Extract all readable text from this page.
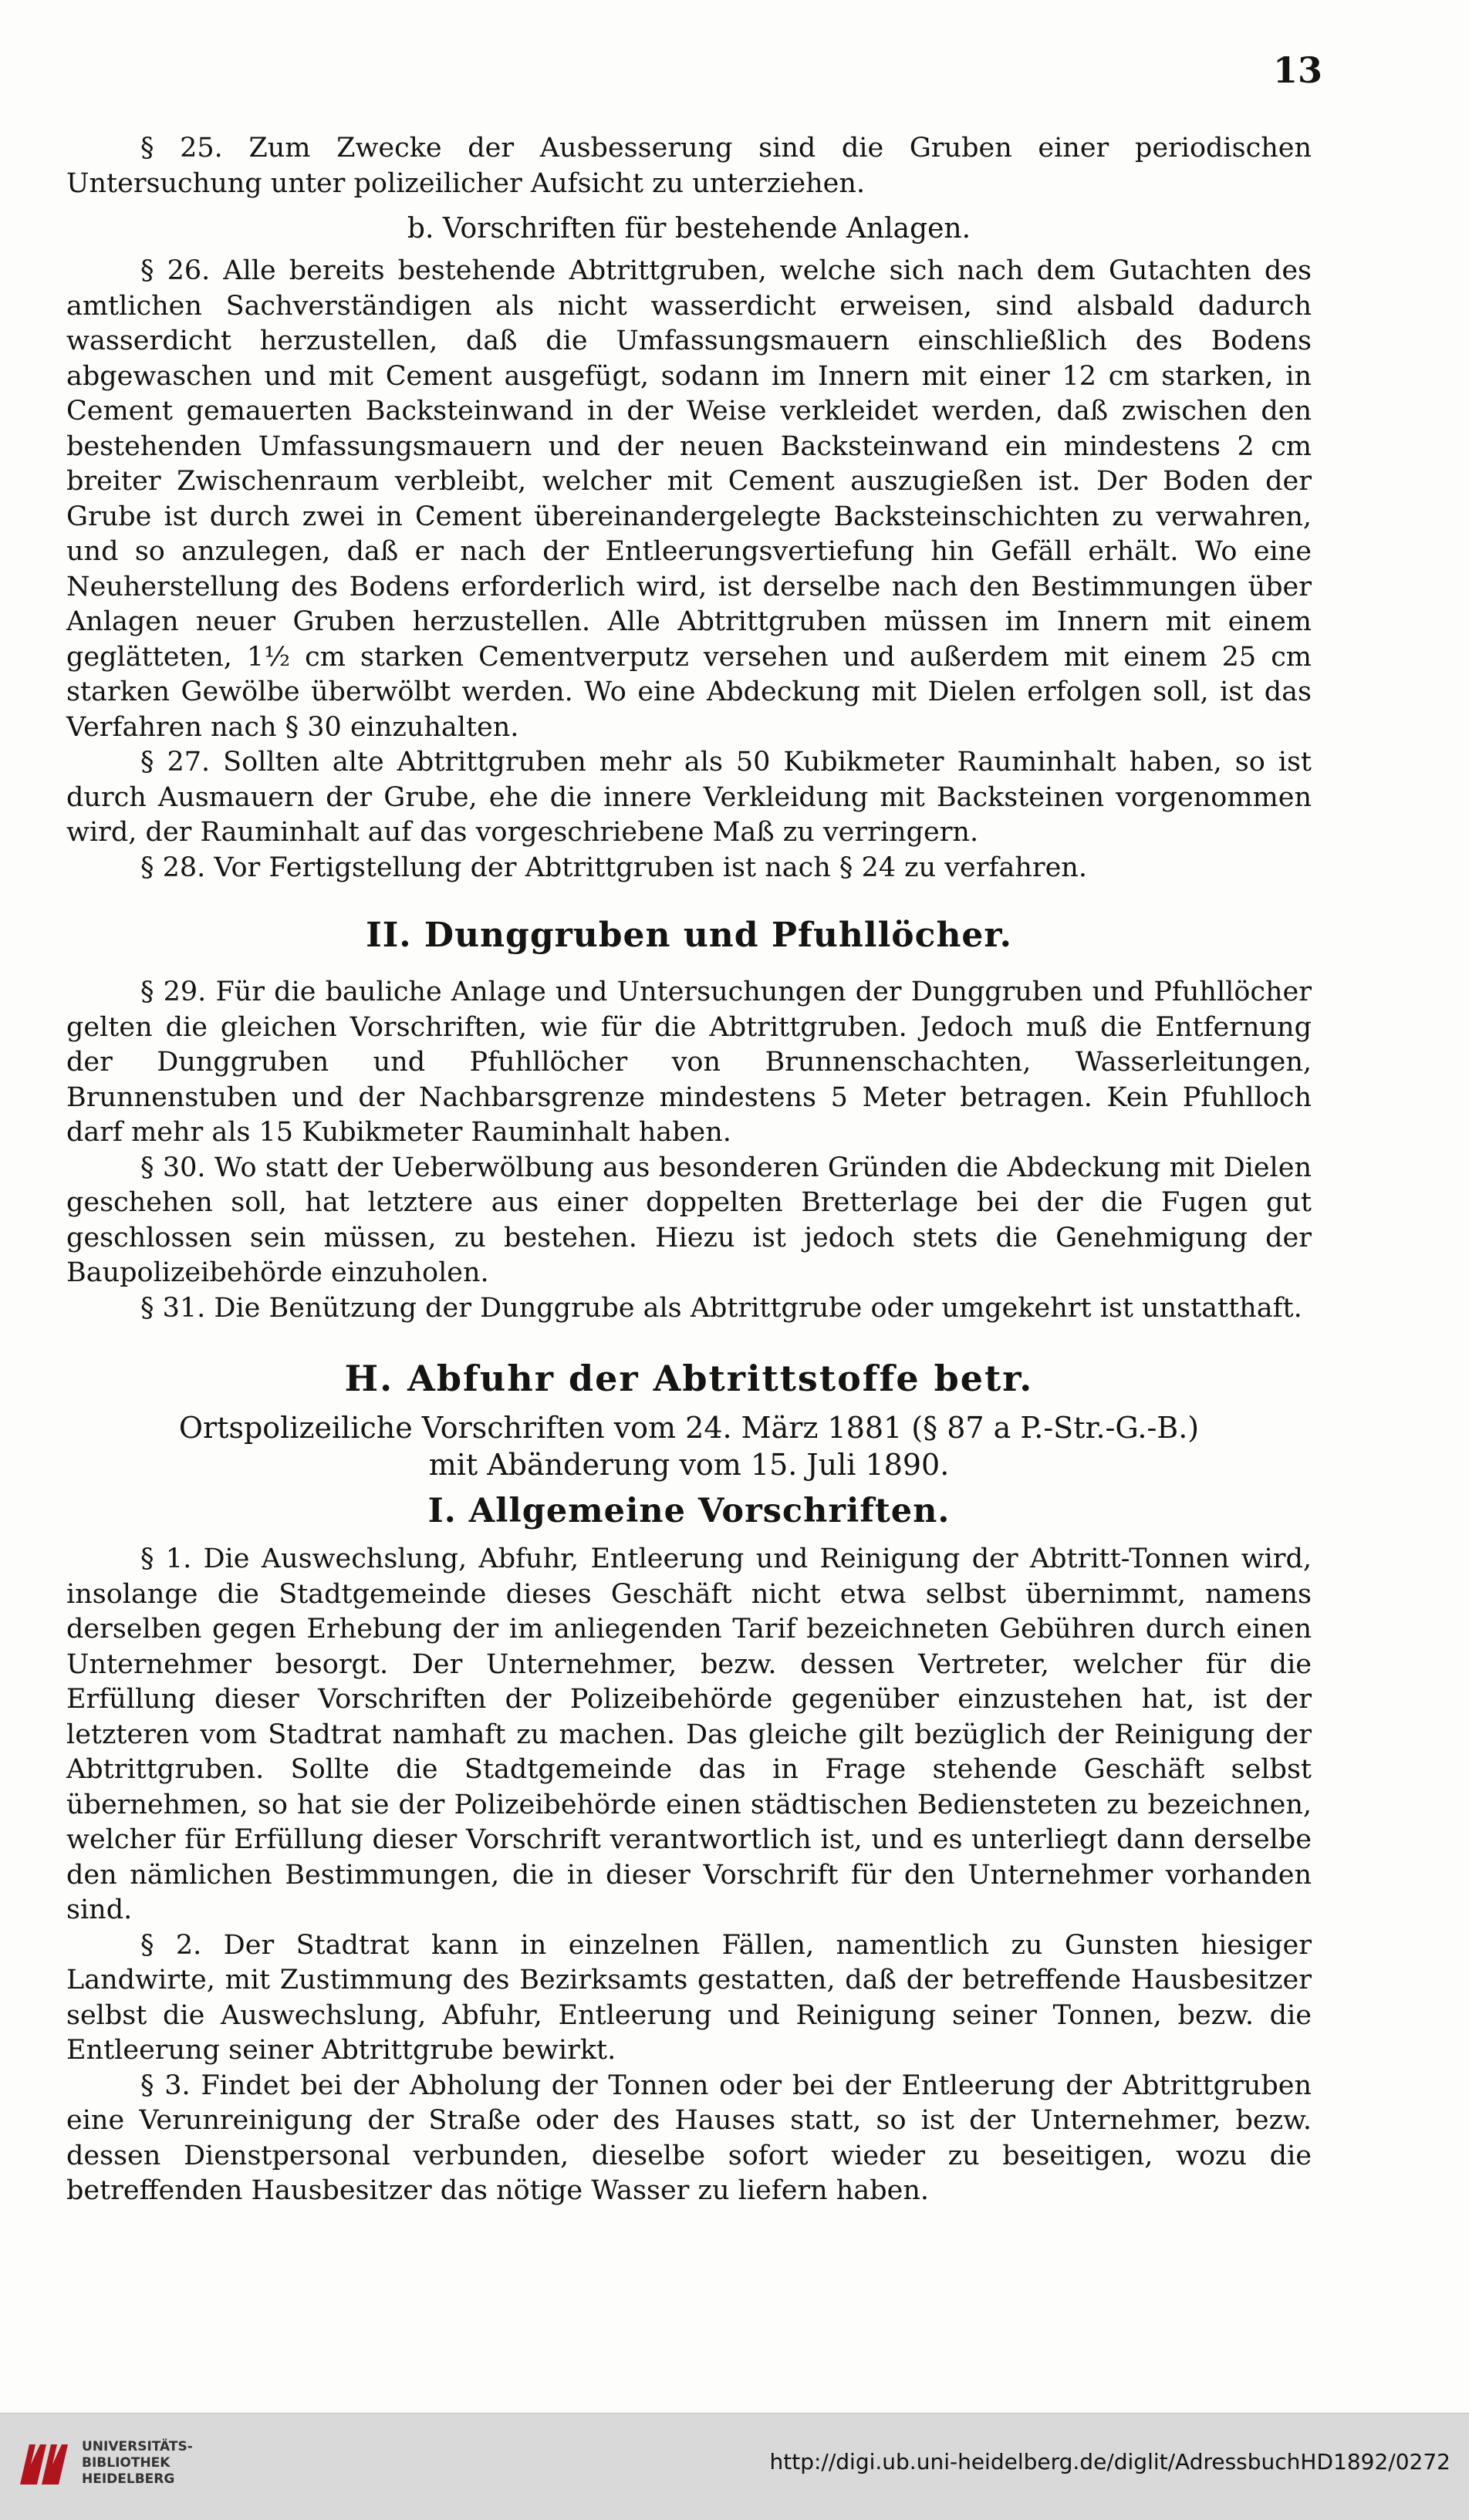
13

§ 25. Zum Zwecke der Ausbesserung sind die Gruben einer periodischen Untersuchung unter polizeilicher Aufsicht zu unterziehen.

b. Vorschriften für bestehende Anlagen.

§ 26. Alle bereits bestehende Abtrittgruben, welche sich nach dem Gutachten des amtlichen Sachverständigen als nicht wasserdicht erweisen, sind alsbald dadurch wasserdicht herzustellen, daß die Umfassungsmauern einschließlich des Bodens abgewaschen und mit Cement ausgefügt, sodann im Innern mit einer 12 cm starken, in Cement gemauerten Backsteinwand in der Weise verkleidet werden, daß zwischen den bestehenden Umfassungsmauern und der neuen Backsteinwand ein mindestens 2 cm breiter Zwischenraum verbleibt, welcher mit Cement auszugießen ist. Der Boden der Grube ist durch zwei in Cement übereinandergelegte Backsteinschichten zu verwahren, und so anzulegen, daß er nach der Entleerungsvertiefung hin Gefäll erhält. Wo eine Neuherstellung des Bodens erforderlich wird, ist derselbe nach den Bestimmungen über Anlagen neuer Gruben herzustellen. Alle Abtrittgruben müssen im Innern mit einem geglätteten, 1½ cm starken Cementverputz versehen und außerdem mit einem 25 cm starken Gewölbe überwölbt werden. Wo eine Abdeckung mit Dielen erfolgen soll, ist das Verfahren nach § 30 einzuhalten.

§ 27. Sollten alte Abtrittgruben mehr als 50 Kubikmeter Rauminhalt haben, so ist durch Ausmauern der Grube, ehe die innere Verkleidung mit Backsteinen vorgenommen wird, der Rauminhalt auf das vorgeschriebene Maß zu verringern.

§ 28. Vor Fertigstellung der Abtrittgruben ist nach § 24 zu verfahren.

II. Dunggruben und Pfuhllöcher.

§ 29. Für die bauliche Anlage und Untersuchungen der Dunggruben und Pfuhllöcher gelten die gleichen Vorschriften, wie für die Abtrittgruben. Jedoch muß die Entfernung der Dunggruben und Pfuhllöcher von Brunnenschachten, Wasserleitungen, Brunnenstuben und der Nachbarsgrenze mindestens 5 Meter betragen. Kein Pfuhlloch darf mehr als 15 Kubikmeter Rauminhalt haben.

§ 30. Wo statt der Ueberwölbung aus besonderen Gründen die Abdeckung mit Dielen geschehen soll, hat letztere aus einer doppelten Bretterlage bei der die Fugen gut geschlossen sein müssen, zu bestehen. Hiezu ist jedoch stets die Genehmigung der Baupolizeibehörde einzuholen.

§ 31. Die Benützung der Dunggrube als Abtrittgrube oder umgekehrt ist unstatthaft.

H. Abfuhr der Abtrittstoffe betr.

Ortspolizeiliche Vorschriften vom 24. März 1881 (§ 87 a P.-Str.-G.-B.)

mit Abänderung vom 15. Juli 1890.

I. Allgemeine Vorschriften.

§ 1. Die Auswechslung, Abfuhr, Entleerung und Reinigung der Abtritt-Tonnen wird, insolange die Stadtgemeinde dieses Geschäft nicht etwa selbst übernimmt, namens derselben gegen Erhebung der im anliegenden Tarif bezeichneten Gebühren durch einen Unternehmer besorgt. Der Unternehmer, bezw. dessen Vertreter, welcher für die Erfüllung dieser Vorschriften der Polizeibehörde gegenüber einzustehen hat, ist der letzteren vom Stadtrat namhaft zu machen. Das gleiche gilt bezüglich der Reinigung der Abtrittgruben. Sollte die Stadtgemeinde das in Frage stehende Geschäft selbst übernehmen, so hat sie der Polizeibehörde einen städtischen Bediensteten zu bezeichnen, welcher für Erfüllung dieser Vorschrift verantwortlich ist, und es unterliegt dann derselbe den nämlichen Bestimmungen, die in dieser Vorschrift für den Unternehmer vorhanden sind.

§ 2. Der Stadtrat kann in einzelnen Fällen, namentlich zu Gunsten hiesiger Landwirte, mit Zustimmung des Bezirksamts gestatten, daß der betreffende Hausbesitzer selbst die Auswechslung, Abfuhr, Entleerung und Reinigung seiner Tonnen, bezw. die Entleerung seiner Abtrittgrube bewirkt.

§ 3. Findet bei der Abholung der Tonnen oder bei der Entleerung der Abtrittgruben eine Verunreinigung der Straße oder des Hauses statt, so ist der Unternehmer, bezw. dessen Dienstpersonal verbunden, dieselbe sofort wieder zu beseitigen, wozu die betreffenden Hausbesitzer das nötige Wasser zu liefern haben.

UNIVERSITÄTS-
BIBLIOTHEK
HEIDELBERG
http://digi.ub.uni-heidelberg.de/diglit/AdressbuchHD1892/0272
